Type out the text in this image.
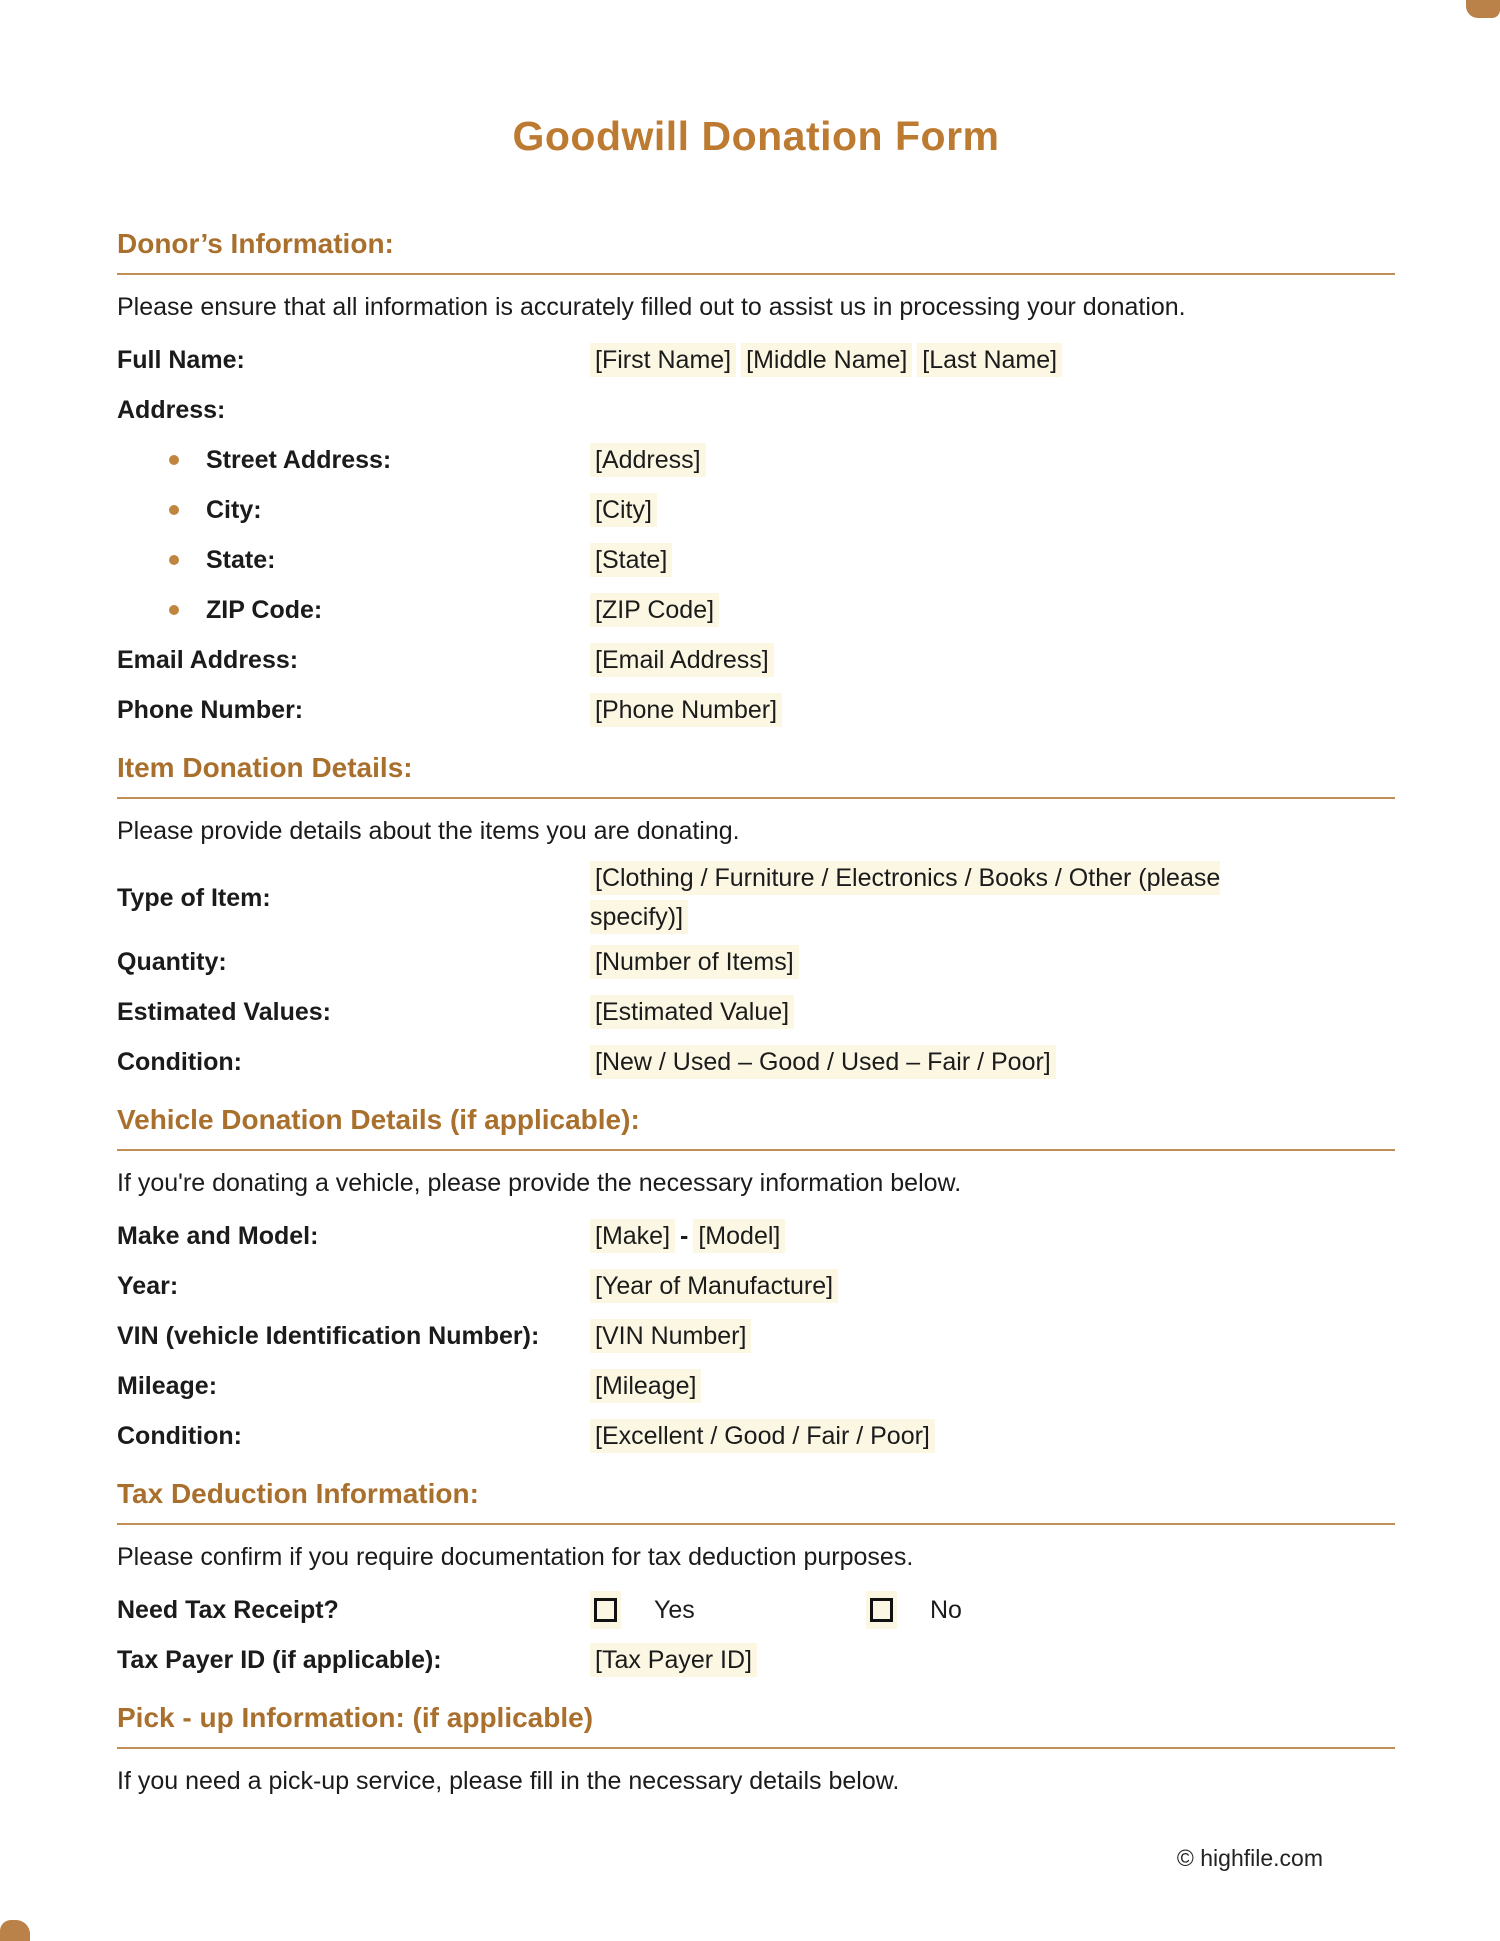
Goodwill Donation Form
Donor’s Information:

Please ensure that all information is accurately filled out to assist us in processing your donation.

Full Name:	[First Name] [Middle Name] [Last Name]
Address:
Street Address:	[Address]
City:	[City]
State:	[State]
ZIP Code:	[ZIP Code]
Email Address:	[Email Address]
Phone Number:	[Phone Number]
Item Donation Details:

Please provide details about the items you are donating.

Type of Item:
[Clothing / Furniture / Electronics / Books / Other (please specify)]
Quantity:	[Number of Items]
Estimated Values:	[Estimated Value]
Condition:	[New / Used – Good / Used – Fair / Poor]
Vehicle Donation Details (if applicable):

If you're donating a vehicle, please provide the necessary information below.

Make and Model:	[Make] - [Model]
Year:	[Year of Manufacture]
VIN (vehicle Identification Number):	[VIN Number]
Mileage:	[Mileage]
Condition:	[Excellent / Good / Fair / Poor]
Tax Deduction Information:

Please confirm if you require documentation for tax deduction purposes.

Need Tax Receipt?	Yes	No
Tax Payer ID (if applicable):	[Tax Payer ID]
Pick - up Information: (if applicable)

If you need a pick-up service, please fill in the necessary details below.

© highfile.com
